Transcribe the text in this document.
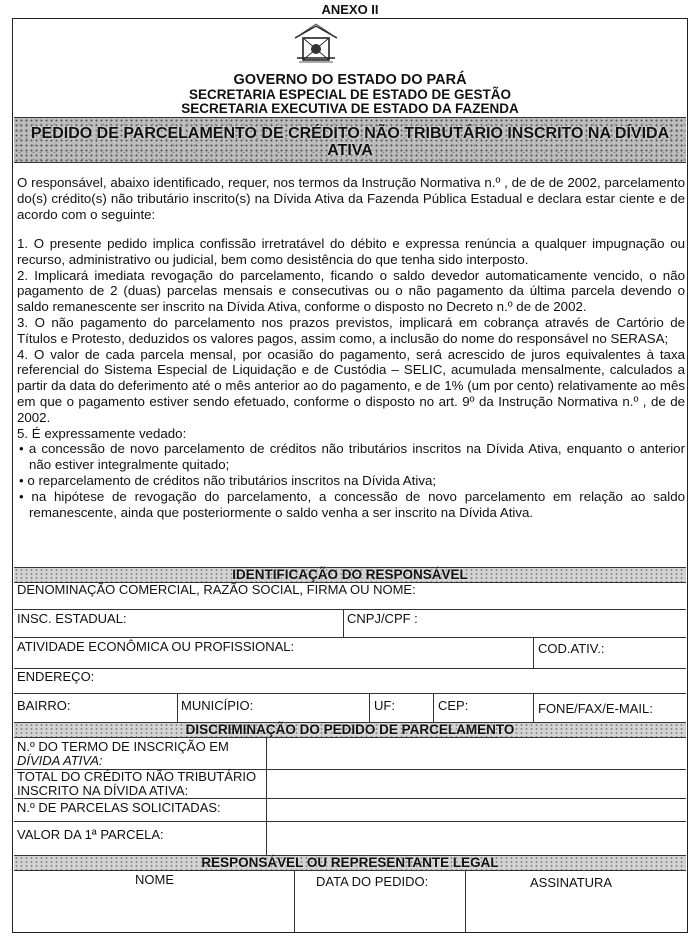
ANEXO II
GOVERNO DO ESTADO DO PARÁ
SECRETARIA ESPECIAL DE ESTADO DE GESTÃO
SECRETARIA EXECUTIVA DE ESTADO DA FAZENDA
PEDIDO DE PARCELAMENTO DE CRÉDITO NÃO TRIBUTÁRIO INSCRITO NA DÍVIDA
ATIVA
O responsável, abaixo identificado, requer, nos termos da Instrução Normativa n.º , de de de 2002, parcelamento do(s) crédito(s) não tributário inscrito(s) na Dívida Ativa da Fazenda Pública Estadual e declara estar ciente e de acordo com o seguinte:

1. O presente pedido implica confissão irretratável do débito e expressa renúncia a qualquer impugnação ou recurso, administrativo ou judicial, bem como desistência do que tenha sido interposto.

2. Implicará imediata revogação do parcelamento, ficando o saldo devedor automaticamente vencido, o não pagamento de 2 (duas) parcelas mensais e consecutivas ou o não pagamento da última parcela devendo o saldo remanescente ser inscrito na Dívida Ativa, conforme o disposto no Decreto n.º de de 2002.

3. O não pagamento do parcelamento nos prazos previstos, implicará em cobrança através de Cartório de Títulos e Protesto, deduzidos os valores pagos, assim como, a inclusão do nome do responsável no SERASA;

4. O valor de cada parcela mensal, por ocasião do pagamento, será acrescido de juros equivalentes à taxa referencial do Sistema Especial de Liquidação e de Custódia – SELIC, acumulada mensalmente, calculados a partir da data do deferimento até o mês anterior ao do pagamento, e de 1% (um por cento) relativamente ao mês em que o pagamento estiver sendo efetuado, conforme o disposto no art. 9º da Instrução Normativa n.º , de de 2002.

5. É expressamente vedado:

• a concessão de novo parcelamento de créditos não tributários inscritos na Dívida Ativa, enquanto o anterior não estiver integralmente quitado;

• o reparcelamento de créditos não tributários inscritos na Dívida Ativa;

• na hipótese de revogação do parcelamento, a concessão de novo parcelamento em relação ao saldo remanescente, ainda que posteriormente o saldo venha a ser inscrito na Dívida Ativa.

IDENTIFICAÇÃO DO RESPONSÁVEL
DENOMINAÇÃO COMERCIAL, RAZÃO SOCIAL, FIRMA OU NOME:
INSC. ESTADUAL:	CNPJ/CPF :
ATIVIDADE ECONÔMICA OU PROFISSIONAL:	COD.ATIV.:
ENDEREÇO:
BAIRRO:	MUNICÍPIO:	UF:	CEP:	FONE/FAX/E-MAIL:
DISCRIMINAÇÃO DO PEDIDO DE PARCELAMENTO
N.º DO TERMO DE INSCRIÇÃO EM
DÍVIDA ATIVA:
TOTAL DO CRÉDITO NÃO TRIBUTÁRIO
INSCRITO NA DÍVIDA ATIVA:
N.º DE PARCELAS SOLICITADAS:
VALOR DA 1ª PARCELA:
RESPONSÁVEL OU REPRESENTANTE LEGAL
NOME	DATA DO PEDIDO:	ASSINATURA
